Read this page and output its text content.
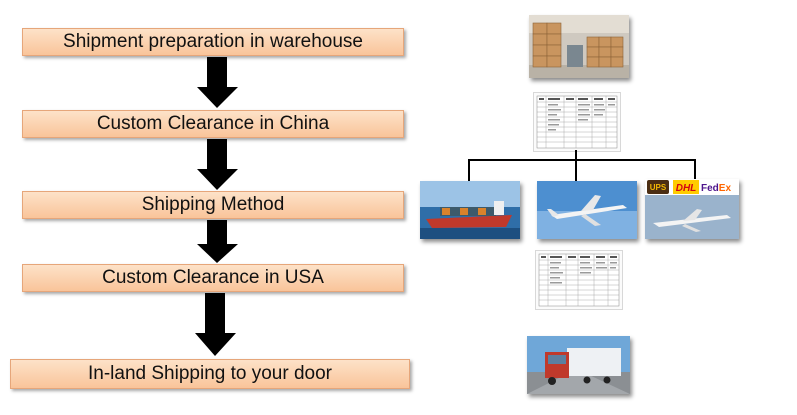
Shipment preparation in warehouse
Custom Clearance in China
Shipping Method
Custom Clearance in USA
In-land Shipping to your door
UPS DHL FedEx
